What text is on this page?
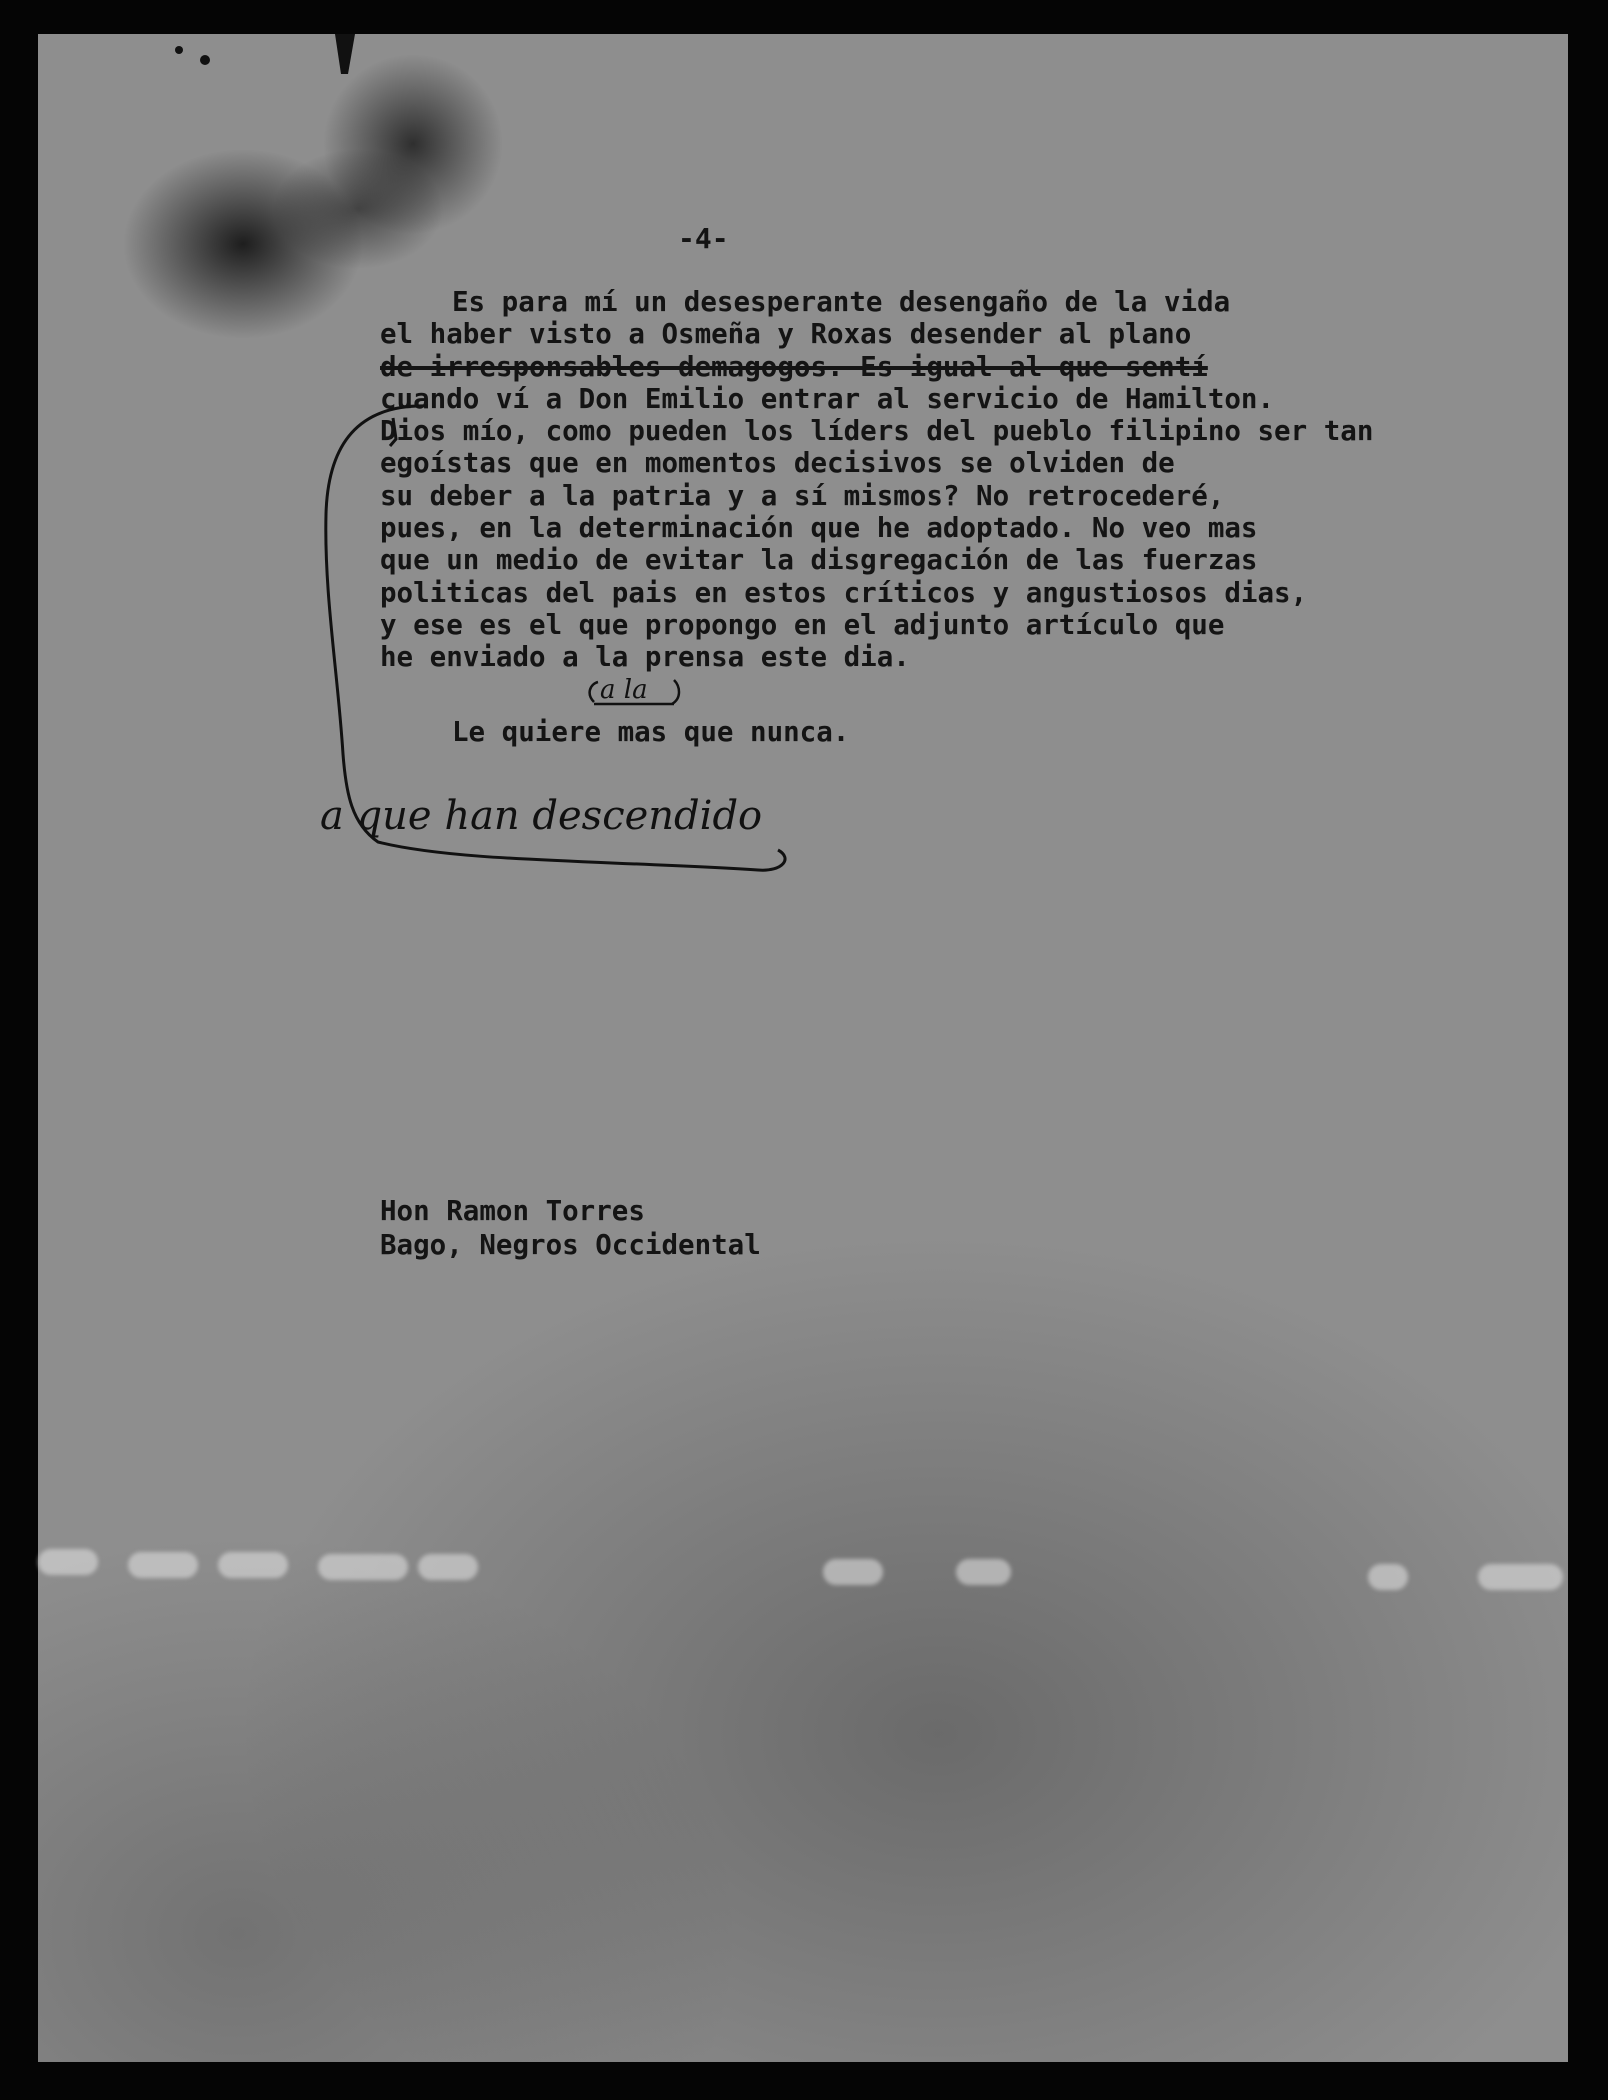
-4-
Es para mí un desesperante desengaño de la vida
el haber visto a Osmeña y Roxas desender al plano
de irresponsables demagogos. Es igual al que sentí
cuando ví a Don Emilio entrar al servicio de Hamilton.
Dios mío, como pueden los líders del pueblo filipino ser tan
egoístas que en momentos decisivos se olviden de
su deber a la patria y a sí mismos? No retrocederé,
pues, en la determinación que he adoptado. No veo mas
que un medio de evitar la disgregación de las fuerzas
politicas del pais en estos críticos y angustiosos dias,
y ese es el que propongo en el adjunto artículo que
he enviado a la prensa este dia.
Le quiere mas que nunca.
Hon Ramon Torres
Bago, Negros Occidental
a la
a que han descendido
